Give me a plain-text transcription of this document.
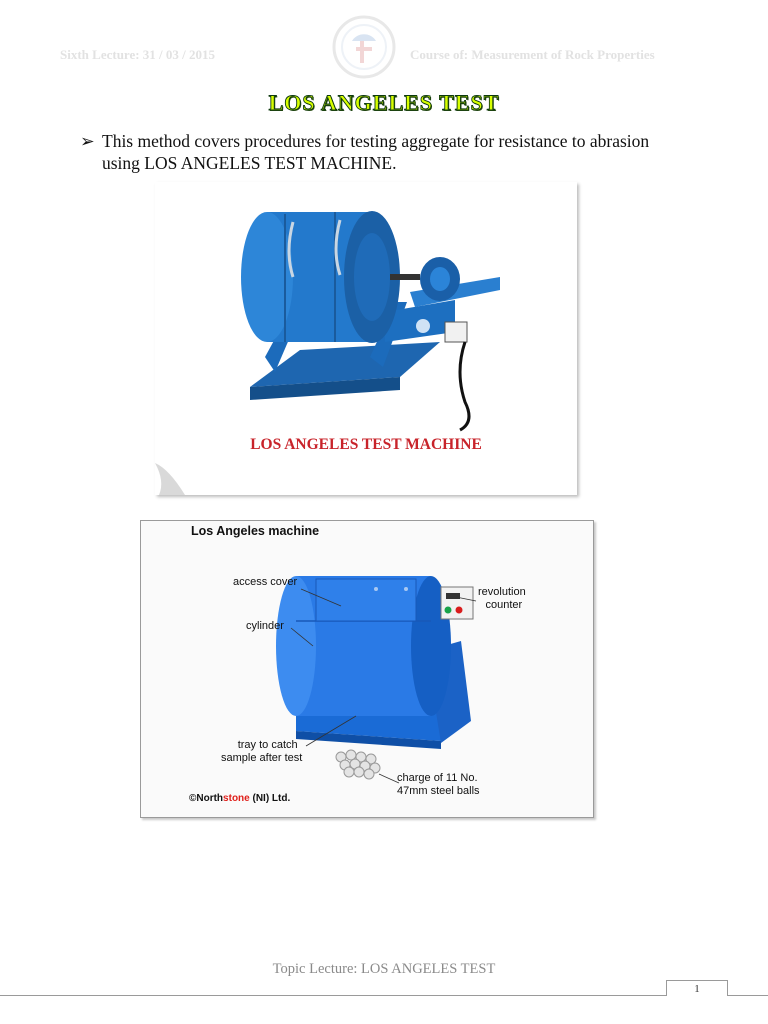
Sixth Lecture: 31 / 03 / 2015	Course of: Measurement of Rock Properties
LOS ANGELES TEST
➢ This method covers procedures for testing aggregate for resistance to abrasion
using LOS ANGELES TEST MACHINE.
LOS ANGELES TEST MACHINE
Los Angeles machine
access cover
cylinder
revolution
counter
tray to catch
sample after test
charge of 11 No.
47mm steel balls
©Northstone (NI) Ltd.
Topic Lecture: LOS ANGELES TEST
1
